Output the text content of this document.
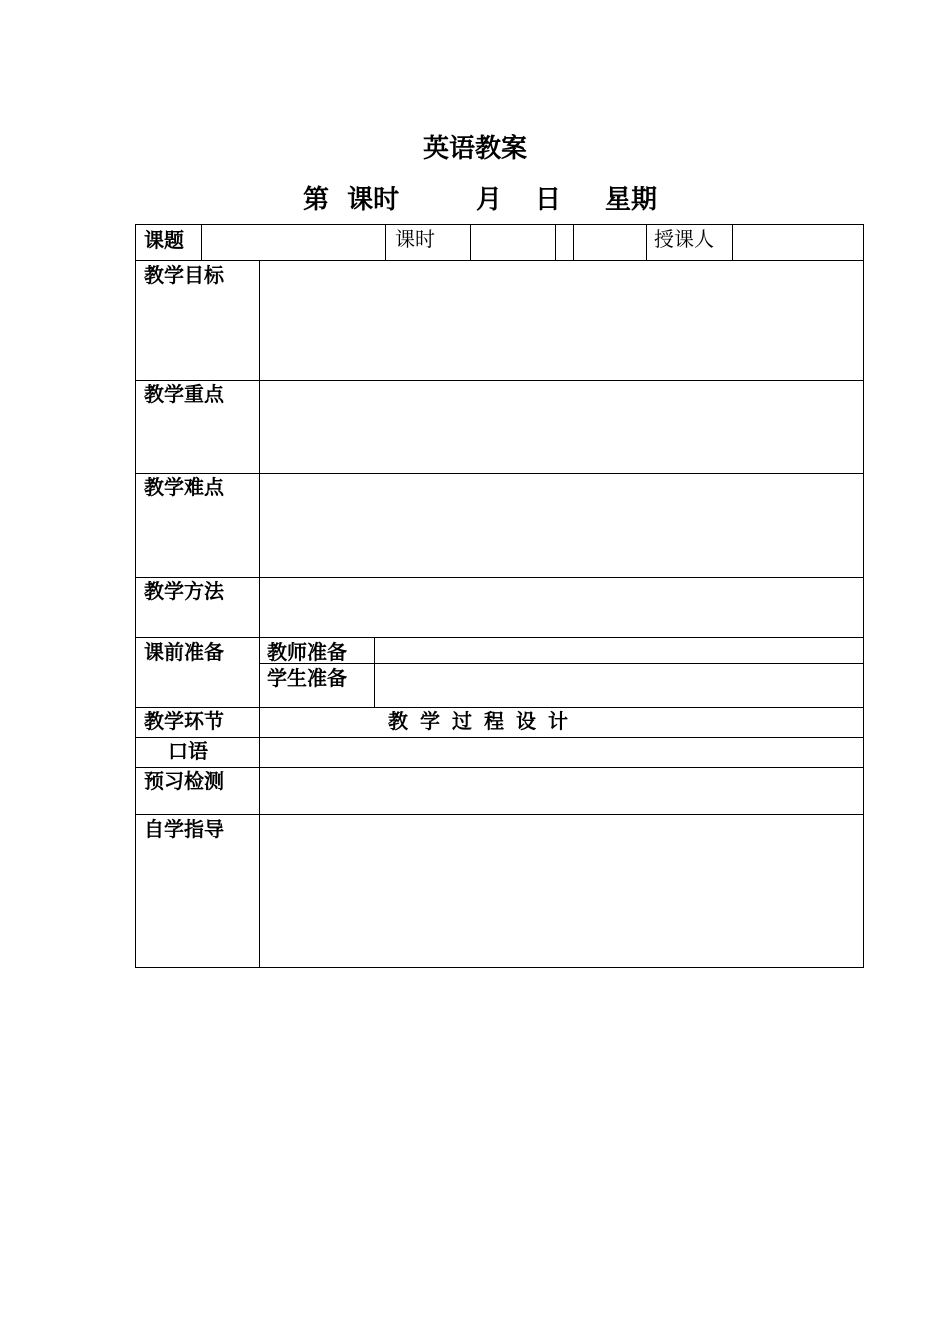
英语教案
第  课时	月 日 星期
课题	课时	授课人
教学目标
教学重点
教学难点
教学方法
课前准备 教师准备
学生准备
教学环节	教学过程设计
口语
预习检测
自学指导
